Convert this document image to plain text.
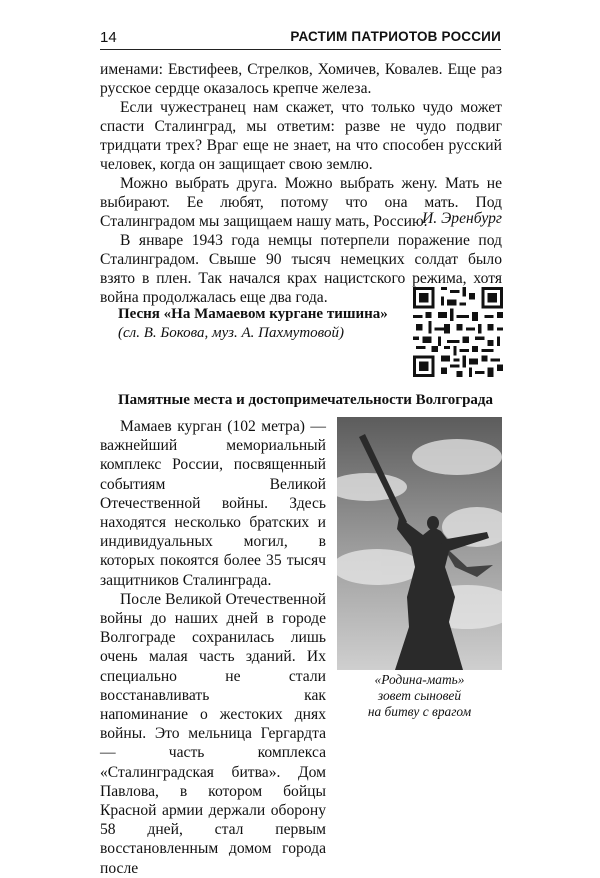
14	РАСТИМ ПАТРИОТОВ РОССИИ

именами: Евстифеев, Стрелков, Хомичев, Ковалев. Еще раз русское сердце оказалось крепче железа.

Если чужестранец нам скажет, что только чудо может спасти Сталинград, мы ответим: разве не чудо подвиг тридцати трех? Враг еще не знает, на что способен русский человек, когда он защищает свою землю.

Можно выбрать друга. Можно выбрать жену. Мать не выбирают. Ее любят, потому что она мать. Под Сталинградом мы защищаем нашу мать, Россию.

И. Эренбург

В январе 1943 года немцы потерпели поражение под Сталинградом. Свыше 90 тысяч немецких солдат было взято в плен. Так начался крах нацистского режима, хотя война продолжалась еще два года.

Песня «На Мамаевом кургане тишина»
(сл. В. Бокова, муз. А. Пахмутовой)
Памятные места и достопримечательности Волгограда

Мамаев курган (102 метра) — важнейший мемориальный комплекс России, посвященный событиям Великой Отечественной войны. Здесь находятся несколько братских и индивидуальных могил, в которых покоятся более 35 тысяч защитников Сталинграда.

После Великой Отечественной войны до наших дней в городе Волгограде сохранилась лишь очень малая часть зданий. Их специально не стали восстанавливать как напоминание о жестоких днях войны. Это мельница Гергардта — часть комплекса «Сталинградская битва». Дом Павлова, в котором бойцы Красной армии держали оборону 58 дней, стал первым восстановленным домом города после

«Родина-мать»
зовет сыновей
на битву с врагом
